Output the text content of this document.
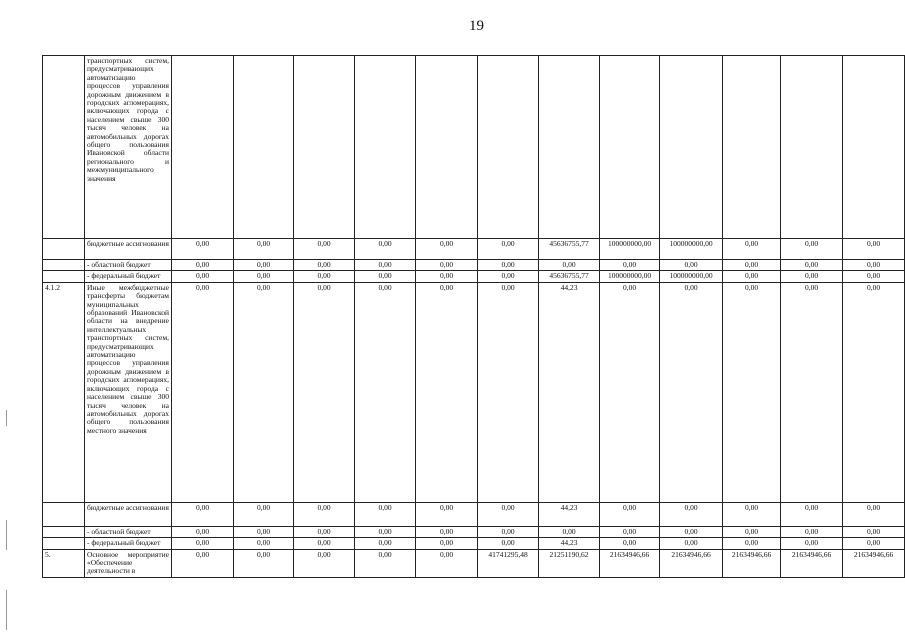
19
	транспортных систем, предусматривающих автоматизацию процессов управления дорожным движением в городских агломерациях, включающих города с населением свыше 300 тысяч человек на автомобильных дорогах общего пользования Ивановской области регионального и межмуниципального значения												
	бюджетные ассигнования	0,00	0,00	0,00	0,00	0,00	0,00	45636755,77	100000000,00	100000000,00	0,00	0,00	0,00
	- областной бюджет	0,00	0,00	0,00	0,00	0,00	0,00	0,00	0,00	0,00	0,00	0,00	0,00
	- федеральный бюджет	0,00	0,00	0,00	0,00	0,00	0,00	45636755,77	100000000,00	100000000,00	0,00	0,00	0,00
4.1.2	Иные межбюджетные трансферты бюджетам муниципальных образований Ивановской области на внедрение интеллектуальных транспортных систем, предусматривающих автоматизацию процессов управления дорожным движением в городских агломерациях, включающих города с населением свыше 300 тысяч человек на автомобильных дорогах общего пользования местного значения	0,00	0,00	0,00	0,00	0,00	0,00	44,23	0,00	0,00	0,00	0,00	0,00
	бюджетные ассигнования	0,00	0,00	0,00	0,00	0,00	0,00	44,23	0,00	0,00	0,00	0,00	0,00
	- областной бюджет	0,00	0,00	0,00	0,00	0,00	0,00	0,00	0,00	0,00	0,00	0,00	0,00
	- федеральный бюджет	0,00	0,00	0,00	0,00	0,00	0,00	44,23	0,00	0,00	0,00	0,00	0,00
5.	Основное мероприятие «Обеспечение деятельности в	0,00	0,00	0,00	0,00	0,00	41741295,48	21251190,62	21634946,66	21634946,66	21634946,66	21634946,66	21634946,66
